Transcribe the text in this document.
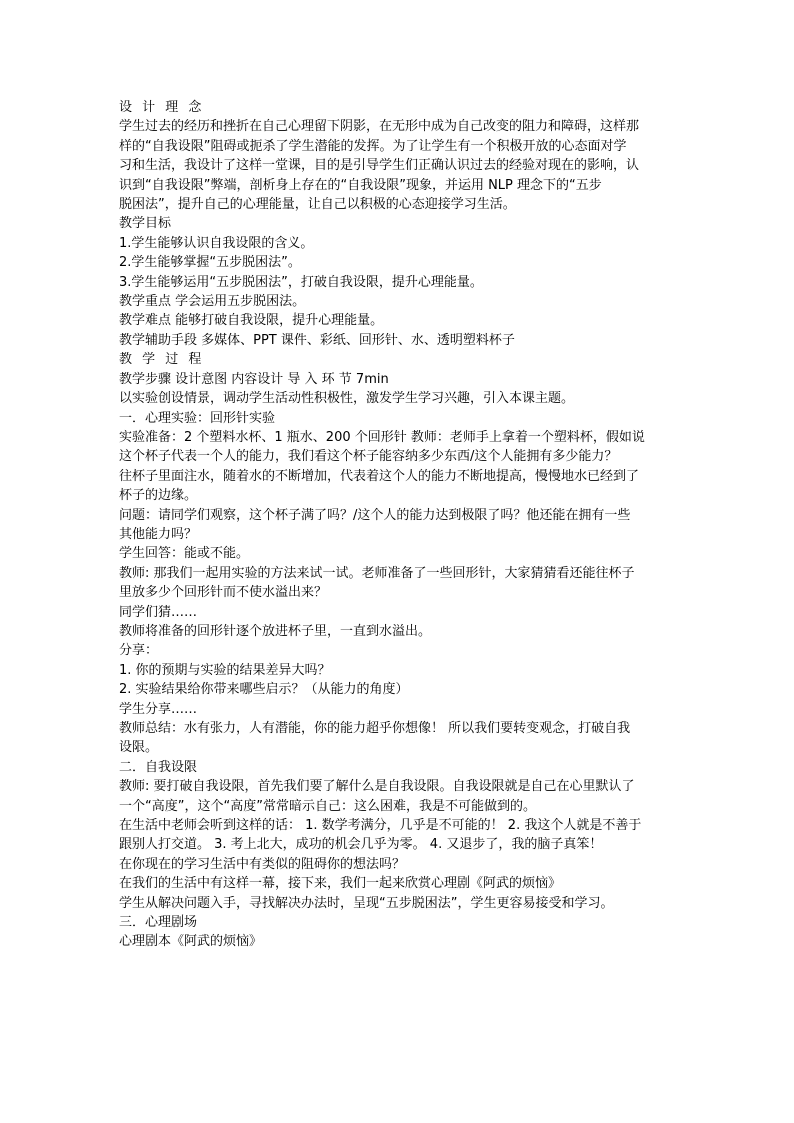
设 计 理 念

学生过去的经历和挫折在自己心理留下阴影，在无形中成为自己改变的阻力和障碍，这样那

样的“自我设限”阻碍或扼杀了学生潜能的发挥。为了让学生有一个积极开放的心态面对学

习和生活，我设计了这样一堂课，目的是引导学生们正确认识过去的经验对现在的影响，认

识到“自我设限”弊端，剖析身上存在的“自我设限”现象，并运用 NLP 理念下的“五步

脱困法”，提升自己的心理能量，让自己以积极的心态迎接学习生活。

教学目标

1.学生能够认识自我设限的含义。

2.学生能够掌握“五步脱困法”。

3.学生能够运用“五步脱困法”，打破自我设限，提升心理能量。

教学重点 学会运用五步脱困法。

教学难点 能够打破自我设限，提升心理能量。

教学辅助手段 多媒体、PPT 课件、彩纸、回形针、水、透明塑料杯子

教 学 过 程

教学步骤 设计意图 内容设计 导 入 环 节 7min

以实验创设情景，调动学生活动性积极性，激发学生学习兴趣，引入本课主题。

一．心理实验：回形针实验

实验准备：2 个塑料水杯、1 瓶水、200 个回形针 教师：老师手上拿着一个塑料杯，假如说

这个杯子代表一个人的能力，我们看这个杯子能容纳多少东西/这个人能拥有多少能力？

往杯子里面注水，随着水的不断增加，代表着这个人的能力不断地提高，慢慢地水已经到了

杯子的边缘。

问题：请同学们观察，这个杯子满了吗？/这个人的能力达到极限了吗？他还能在拥有一些

其他能力吗？

学生回答：能或不能。

教师: 那我们一起用实验的方法来试一试。老师准备了一些回形针，大家猜猜看还能往杯子

里放多少个回形针而不使水溢出来？

同学们猜……

教师将准备的回形针逐个放进杯子里，一直到水溢出。

分享：

1. 你的预期与实验的结果差异大吗？

2. 实验结果给你带来哪些启示？（从能力的角度）

学生分享……

教师总结：水有张力，人有潜能，你的能力超乎你想像！ 所以我们要转变观念，打破自我

设限。

二．自我设限

教师: 要打破自我设限，首先我们要了解什么是自我设限。自我设限就是自己在心里默认了

一个“高度”，这个“高度”常常暗示自己：这么困难，我是不可能做到的。

在生活中老师会听到这样的话： 1. 数学考满分，几乎是不可能的！ 2. 我这个人就是不善于

跟别人打交道。 3. 考上北大，成功的机会几乎为零。 4. 又退步了，我的脑子真笨！

在你现在的学习生活中有类似的阻碍你的想法吗？

在我们的生活中有这样一幕，接下来，我们一起来欣赏心理剧《阿武的烦恼》

学生从解决问题入手，寻找解决办法时，呈现“五步脱困法”，学生更容易接受和学习。

三．心理剧场

心理剧本《阿武的烦恼》
